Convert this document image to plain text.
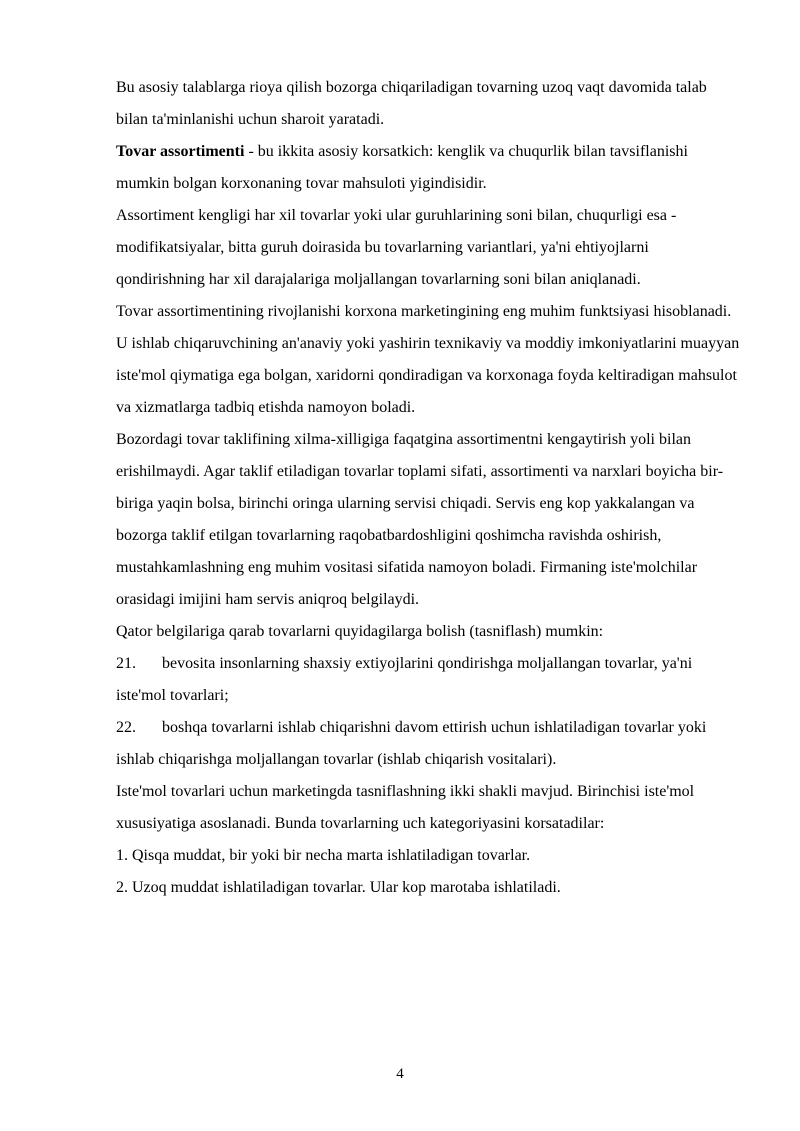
Bu asosiy talablarga rioya qilish bozorga chiqariladigan tovarning uzoq vaqt davomida talab bilan ta'minlanishi uchun sharoit yaratadi.

Tovar assortimenti - bu ikkita asosiy korsatkich: kenglik va chuqurlik bilan tavsiflanishi mumkin bolgan korxonaning tovar mahsuloti yigindisidir.

Assortiment kengligi har xil tovarlar yoki ular guruhlarining soni bilan, chuqurligi esa - modifikatsiyalar, bitta guruh doirasida bu tovarlarning variantlari, ya'ni ehtiyojlarni qondirishning har xil darajalariga moljallangan tovarlarning soni bilan aniqlanadi.

Tovar assortimentining rivojlanishi korxona marketingining eng muhim funktsiyasi hisoblanadi. U ishlab chiqaruvchining an'anaviy yoki yashirin texnikaviy va moddiy imkoniyatlarini muayyan iste'mol qiymatiga ega bolgan, xaridorni qondiradigan va korxonaga foyda keltiradigan mahsulot va xizmatlarga tadbiq etishda namoyon boladi.

Bozordagi tovar taklifining xilma-xilligiga faqatgina assortimentni kengaytirish yoli bilan erishilmaydi. Agar taklif etiladigan tovarlar toplami sifati, assortimenti va narxlari boyicha bir-biriga yaqin bolsa, birinchi oringa ularning servisi chiqadi. Servis eng kop yakkalangan va bozorga taklif etilgan tovarlarning raqobatbardoshligini qoshimcha ravishda oshirish, mustahkamlashning eng muhim vositasi sifatida namoyon boladi. Firmaning iste'molchilar orasidagi imijini ham servis aniqroq belgilaydi.

Qator belgilariga qarab tovarlarni quyidagilarga bolish (tasniflash) mumkin:

21. bevosita insonlarning shaxsiy extiyojlarini qondirishga moljallangan tovarlar, ya'ni iste'mol tovarlari;

22. boshqa tovarlarni ishlab chiqarishni davom ettirish uchun ishlatiladigan tovarlar yoki ishlab chiqarishga moljallangan tovarlar (ishlab chiqarish vositalari).

Iste'mol tovarlari uchun marketingda tasniflashning ikki shakli mavjud. Birinchisi iste'mol xususiyatiga asoslanadi. Bunda tovarlarning uch kategoriyasini korsatadilar:

1. Qisqa muddat, bir yoki bir necha marta ishlatiladigan tovarlar.

2. Uzoq muddat ishlatiladigan tovarlar. Ular kop marotaba ishlatiladi.

4
